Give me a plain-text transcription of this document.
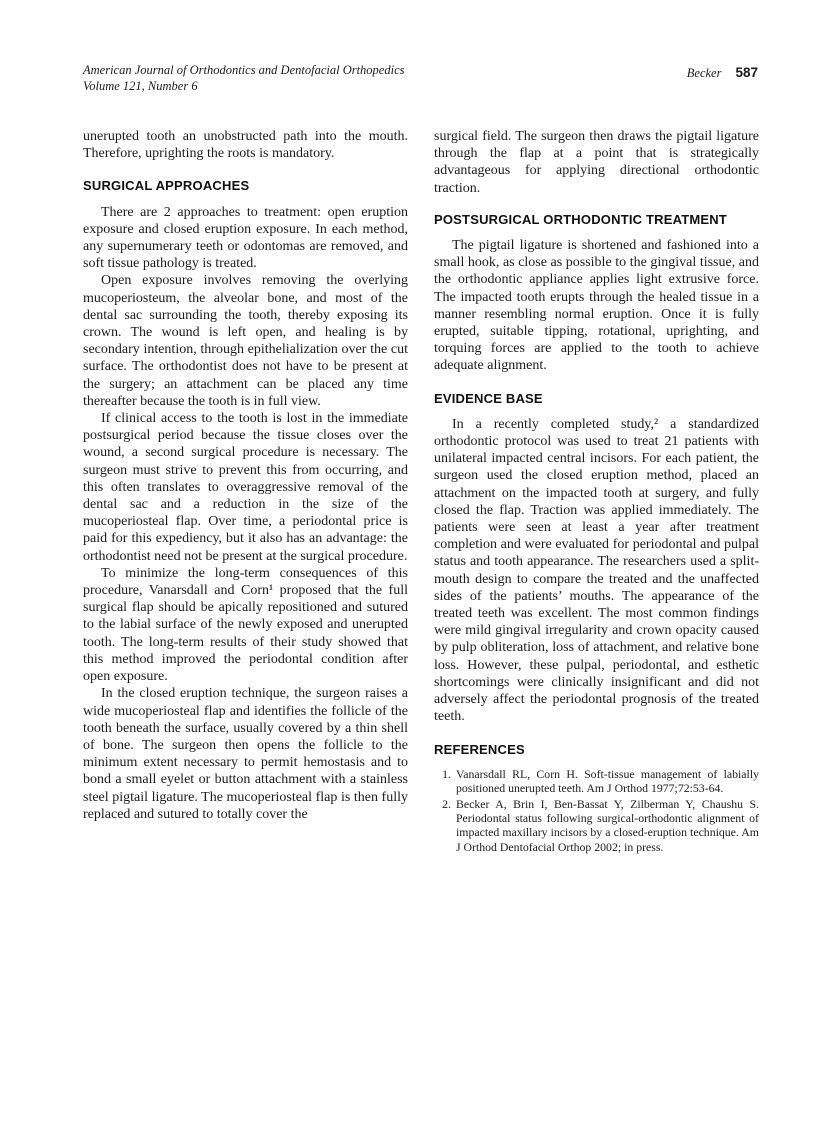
American Journal of Orthodontics and Dentofacial Orthopedics
Volume 121, Number 6
Becker 587

unerupted tooth an unobstructed path into the mouth. Therefore, uprighting the roots is mandatory.

SURGICAL APPROACHES

There are 2 approaches to treatment: open eruption exposure and closed eruption exposure. In each method, any supernumerary teeth or odontomas are removed, and soft tissue pathology is treated.

Open exposure involves removing the overlying mucoperiosteum, the alveolar bone, and most of the dental sac surrounding the tooth, thereby exposing its crown. The wound is left open, and healing is by secondary intention, through epithelialization over the cut surface. The orthodontist does not have to be present at the surgery; an attachment can be placed any time thereafter because the tooth is in full view.

If clinical access to the tooth is lost in the immediate postsurgical period because the tissue closes over the wound, a second surgical procedure is necessary. The surgeon must strive to prevent this from occurring, and this often translates to overaggressive removal of the dental sac and a reduction in the size of the mucoperiosteal flap. Over time, a periodontal price is paid for this expediency, but it also has an advantage: the orthodontist need not be present at the surgical procedure.

To minimize the long-term consequences of this procedure, Vanarsdall and Corn¹ proposed that the full surgical flap should be apically repositioned and sutured to the labial surface of the newly exposed and unerupted tooth. The long-term results of their study showed that this method improved the periodontal condition after open exposure.

In the closed eruption technique, the surgeon raises a wide mucoperiosteal flap and identifies the follicle of the tooth beneath the surface, usually covered by a thin shell of bone. The surgeon then opens the follicle to the minimum extent necessary to permit hemostasis and to bond a small eyelet or button attachment with a stainless steel pigtail ligature. The mucoperiosteal flap is then fully replaced and sutured to totally cover the

surgical field. The surgeon then draws the pigtail ligature through the flap at a point that is strategically advantageous for applying directional orthodontic traction.

POSTSURGICAL ORTHODONTIC TREATMENT

The pigtail ligature is shortened and fashioned into a small hook, as close as possible to the gingival tissue, and the orthodontic appliance applies light extrusive force. The impacted tooth erupts through the healed tissue in a manner resembling normal eruption. Once it is fully erupted, suitable tipping, rotational, uprighting, and torquing forces are applied to the tooth to achieve adequate alignment.

EVIDENCE BASE

In a recently completed study,² a standardized orthodontic protocol was used to treat 21 patients with unilateral impacted central incisors. For each patient, the surgeon used the closed eruption method, placed an attachment on the impacted tooth at surgery, and fully closed the flap. Traction was applied immediately. The patients were seen at least a year after treatment completion and were evaluated for periodontal and pulpal status and tooth appearance. The researchers used a split-mouth design to compare the treated and the unaffected sides of the patients’ mouths. The appearance of the treated teeth was excellent. The most common findings were mild gingival irregularity and crown opacity caused by pulp obliteration, loss of attachment, and relative bone loss. However, these pulpal, periodontal, and esthetic shortcomings were clinically insignificant and did not adversely affect the periodontal prognosis of the treated teeth.

REFERENCES
1. Vanarsdall RL, Corn H. Soft-tissue management of labially positioned unerupted teeth. Am J Orthod 1977;72:53-64.
2. Becker A, Brin I, Ben-Bassat Y, Zilberman Y, Chaushu S. Periodontal status following surgical-orthodontic alignment of impacted maxillary incisors by a closed-eruption technique. Am J Orthod Dentofacial Orthop 2002; in press.
